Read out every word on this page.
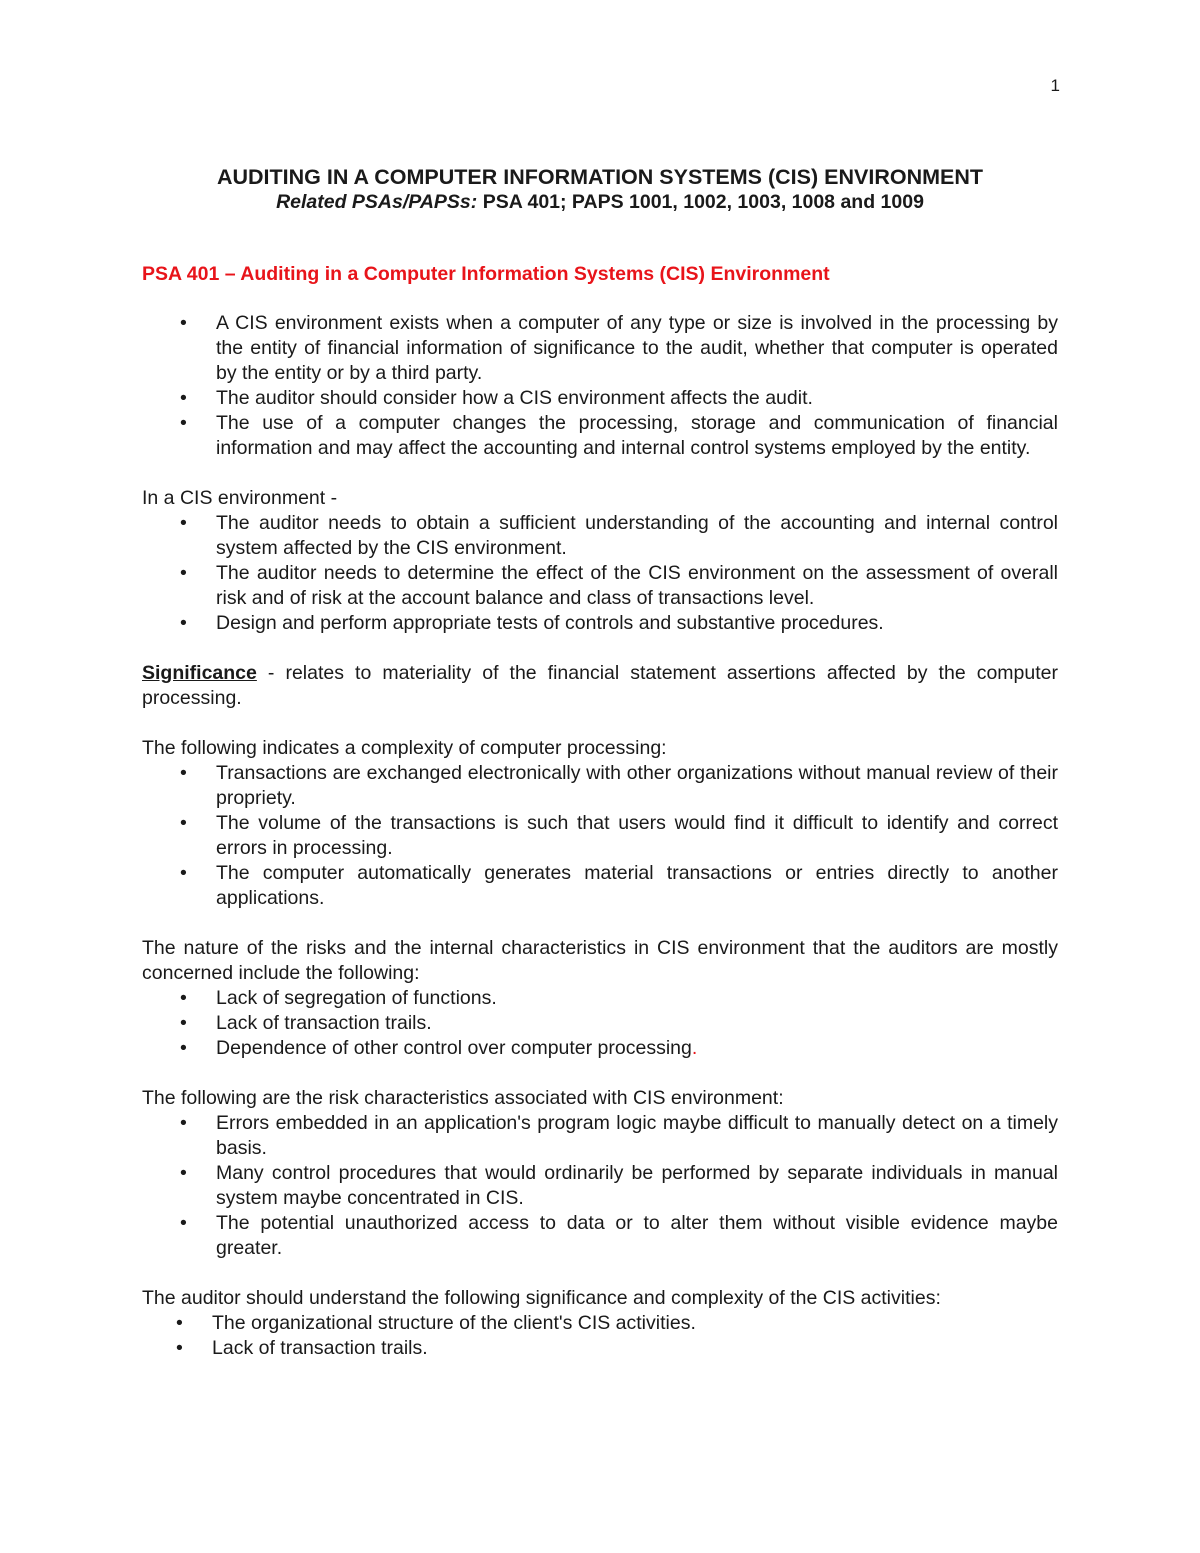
1
AUDITING IN A COMPUTER INFORMATION SYSTEMS (CIS) ENVIRONMENT
Related PSAs/PAPSs: PSA 401; PAPS 1001, 1002, 1003, 1008 and 1009
PSA 401 – Auditing in a Computer Information Systems (CIS) Environment
• A CIS environment exists when a computer of any type or size is involved in the processing by the entity of financial information of significance to the audit, whether that computer is operated by the entity or by a third party.
• The auditor should consider how a CIS environment affects the audit.
• The use of a computer changes the processing, storage and communication of financial information and may affect the accounting and internal control systems employed by the entity.

In a CIS environment -

• The auditor needs to obtain a sufficient understanding of the accounting and internal control system affected by the CIS environment.
• The auditor needs to determine the effect of the CIS environment on the assessment of overall risk and of risk at the account balance and class of transactions level.
• Design and perform appropriate tests of controls and substantive procedures.

Significance - relates to materiality of the financial statement assertions affected by the computer processing.

The following indicates a complexity of computer processing:

• Transactions are exchanged electronically with other organizations without manual review of their propriety.
• The volume of the transactions is such that users would find it difficult to identify and correct errors in processing.
• The computer automatically generates material transactions or entries directly to another applications.

The nature of the risks and the internal characteristics in CIS environment that the auditors are mostly concerned include the following:

• Lack of segregation of functions.
• Lack of transaction trails.
• Dependence of other control over computer processing.

The following are the risk characteristics associated with CIS environment:

• Errors embedded in an application's program logic maybe difficult to manually detect on a timely basis.
• Many control procedures that would ordinarily be performed by separate individuals in manual system maybe concentrated in CIS.
• The potential unauthorized access to data or to alter them without visible evidence maybe greater.

The auditor should understand the following significance and complexity of the CIS activities:

• The organizational structure of the client's CIS activities.
• Lack of transaction trails.
